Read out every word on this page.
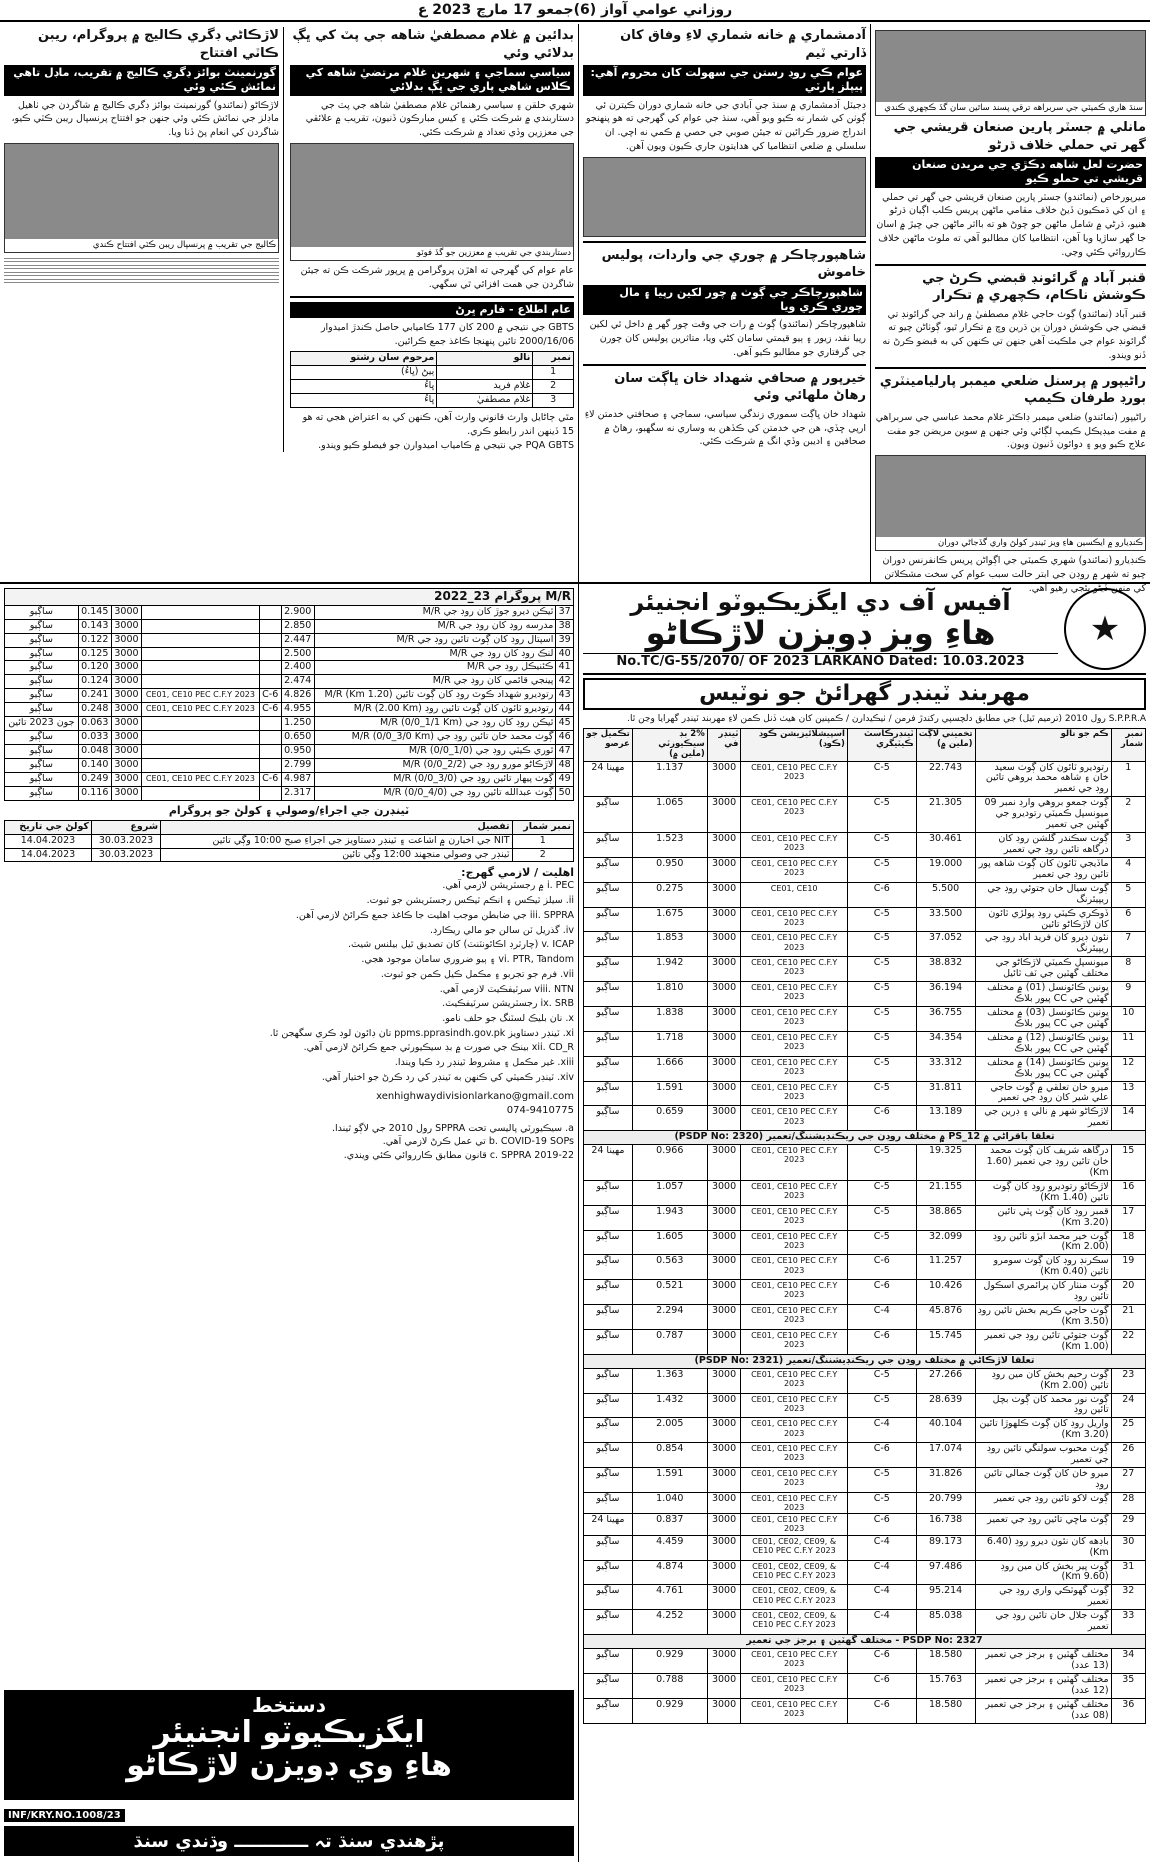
روزاني عوامي آواز (6)جمعو 17 مارچ 2023 ع
سنڌ هاري ڪميٽي جي سربراهه ترقي پسند ساٿين سان گڏ ڪچهري ڪندي
مانلي ۾ جسٽر پارين صنعان قريشي جي گهر تي حملي خلاف ڌرڻو
حضرت لعل شاهه دڪڙي جي مريدن صنعان قريشي تي حملو ڪيو
ميرپورخاص (نمائندو) جسٽر پارين صنعان قريشي جي گهر تي حملي ۽ ان کي ڌمڪيون ڏيڻ خلاف مقامي ماڻهن پريس ڪلب اڳيان ڌرڻو هنيو، ڌرڻي ۾ شامل ماڻهن جو چوڻ هو ته بااثر ماڻهن جي ڇيڙ ۾ اسان جا گهر ساڙيا ويا آهن، انتظاميا کان مطالبو آهي ته ملوث ماڻهن خلاف ڪارروائي ڪئي وڃي.
قنبر آباد ۾ گرائونڊ قبضي ڪرڻ جي ڪوشش ناڪام، ڪچهري ۾ تڪرار
قنبر آباد (نمائندو) ڳوٺ حاجي غلام مصطفيٰ ۾ راند جي گرائونڊ تي قبضي جي ڪوشش دوران ٻن ڌرين وچ ۾ تڪرار ٿيو، ڳوٺاڻن چيو ته گرائونڊ عوام جي ملڪيت آهي جنهن تي ڪنهن کي به قبضو ڪرڻ نه ڏنو ويندو.
راڻيپور ۾ پرسنل ضلعي ميمبر پارليامينٽري بورڊ طرفان ڪيمپ
راڻيپور (نمائندو) ضلعي ميمبر ڊاڪٽر غلام محمد عباسي جي سربراهي ۾ مفت ميڊيڪل ڪيمپ لڳائي وئي جنهن ۾ سوين مريضن جو مفت علاج ڪيو ويو ۽ دوائون ڏنيون ويون.
ڪنڊيارو ۾ ايڪسين هاءِ ويز ٽينڊر کولڻ واري گڏجاڻي دوران
ڪنڊيارو (نمائندو) شهري ڪميٽي جي اڳواڻن پريس ڪانفرنس دوران چيو ته شهر ۾ روڊن جي ابتر حالت سبب عوام کي سخت مشڪلاتن کي منهن ڏيڻو پئجي رهيو آهي.
آدمشماري ۾ خانه شماري لاءِ وفاق کان ڏارتي ٽيم
عوام ڪي روڊ رستن جي سهولت کان محروم آهي: پيپلز پارٽي
ڊجيٽل آدمشماري ۾ سنڌ جي آبادي جي خانه شماري دوران ڪيترن ئي ڳوٺن کي شمار نه ڪيو ويو آهي، سنڌ جي عوام کي گهرجي ته هو پنهنجو اندراج ضرور ڪرائين ته جيئن صوبي جي حصي ۾ ڪمي نه اچي. ان سلسلي ۾ ضلعي انتظاميا کي هدايتون جاري ڪيون ويون آهن.
شاهپورچاڪر ۾ چوري جي واردات، پوليس خاموش
شاهپورچاڪر جي ڳوٺ ۾ چور لکين رپيا ۽ مال چوري ڪري ويا
شاهپورچاڪر (نمائندو) ڳوٺ ۾ رات جي وقت چور گهر ۾ داخل ٿي لکين رپيا نقد، زيور ۽ ٻيو قيمتي سامان کڻي ويا، متاثرين پوليس کان چورن جي گرفتاري جو مطالبو ڪيو آهي.
خيرپور ۾ صحافي شهداد خان ڀاڳت سان رهاڻ ملهائي وئي
شهداد خان ڀاڳت سموري زندگي سياسي، سماجي ۽ صحافتي خدمتن لاءِ ارپي ڇڏي، هن جي خدمتن کي ڪڏهن به وساري نه سگهبو، رهاڻ ۾ صحافين ۽ اديبن وڏي انگ ۾ شرڪت ڪئي.
بدائين ۾ غلام مصطفيٰ شاهه جي پٽ کي ڀڳ بدلائي وئي
سياسي سماجي ۽ شهرين غلام مرتضيٰ شاهه کي ڪلاس شاهي پاري جي ڀڳ بدلائي
شهري حلقن ۽ سياسي رهنمائن غلام مصطفيٰ شاهه جي پٽ جي دستاربندي ۾ شرڪت ڪئي ۽ کيس مبارڪون ڏنيون، تقريب ۾ علائقي جي معززين وڏي تعداد ۾ شرڪت ڪئي.
دستاربندي جي تقريب ۾ معززين جو گڏ فوٽو
عام عوام کي گهرجي ته اهڙن پروگرامن ۾ ڀرپور شرڪت ڪن ته جيئن شاگردن جي همت افزائي ٿي سگهي.
عام اطلاع - فارم ڀرڻ
GBTS جي نتيجي ۾ 200 کان 177 ڪاميابي حاصل ڪندڙ اميدوار 2000/16/06 تائين پنهنجا ڪاغذ جمع ڪرائين.
نمبر	نالو	مرحوم سان رشتو
1		ٻيڻ (ڀاءُ)
2	غلام فريد	ڀاءُ
3	غلام مصطفيٰ	ڀاءُ
مٿي ڄاڻايل وارث قانوني وارث آهن، ڪنهن کي به اعتراض هجي ته هو 15 ڏينهن اندر رابطو ڪري.
PQA GBTS جي نتيجي ۾ ڪامياب اميدوارن جو فيصلو ڪيو ويندو.
لاڙڪاڻي ڊگري ڪاليج ۾ پروگرام، ريبن ڪاٽي افتتاح
گورنمينٽ بوائز ڊگري ڪاليج ۾ تقريب، ماڊل تاهي نمائش ڪئي وئي
لاڙڪاڻو (نمائندو) گورنمينٽ بوائز ڊگري ڪاليج ۾ شاگردن جي ٺاهيل ماڊلز جي نمائش ڪئي وئي جنهن جو افتتاح پرنسپال ريبن ڪٽي ڪيو، شاگردن کي انعام پڻ ڏنا ويا.
ڪاليج جي تقريب ۾ پرنسپال ريبن ڪٽي افتتاح ڪندي
★
آفيس آف دي ايگزيڪيوٽو انجنيئر
هاءِ ويز ڊويزن لاڙڪاڻو
No.TC/G-55/2070/ OF 2023 LARKANO Dated: 10.03.2023
مهربند ٽينڊر گهرائڻ جو نوٽيس
S.P.P.R.A رول 2010 (ترميم ٿيل) جي مطابق دلچسپي رکندڙ فرمن / ٺيڪيدارن / ڪمپنين کان هيٺ ڏنل ڪمن لاءِ مهربند ٽينڊر گهرايا وڃن ٿا.
نمبر شمار	ڪم جو نالو	تخميني لاڳت (ملين ۾)	ٽينڊرڪاسٽ ڪيٽيگري	اسپيشلائيزيشن ڪوڊ (ڪوڊ)	ٽينڊر في	2% بڊ سيڪيورٽي (ملين ۾)	تڪميل جو عرصو
1	رتوديرو ٽائون کان ڳوٺ سعيد خان ۽ شاهه محمد بروهي تائين روڊ جي تعمير	22.743	C-5	CE01, CE10 PEC C.F.Y 2023	3000	1.137	24 مهينا
2	ڳوٺ جمعو بروهي وارڊ نمبر 09 ميونسپل ڪميٽي رتوديرو جي گهٽين جي تعمير	21.305	C-5	CE01, CE10 PEC C.F.Y 2023	3000	1.065	ساڳيو
3	ڳوٺ سڪندر گلشن روڊ کان درگاهه تائين روڊ جي تعمير	30.461	C-5	CE01, CE10 PEC C.F.Y 2023	3000	1.523	ساڳيو
4	ماڏيجي ٽائون کان ڳوٺ شاهه پور تائين روڊ جي تعمير	19.000	C-5	CE01, CE10 PEC C.F.Y 2023	3000	0.950	ساڳيو
5	ڳوٺ سيال خان جتوئي روڊ جي ريپيئرنگ	5.500	C-6	CE01, CE10	3000	0.275	ساڳيو
6	ڏوڪري ڪيٽي روڊ پولڙي ٽائون کان لاڙڪاڻو تائين	33.500	C-5	CE01, CE10 PEC C.F.Y 2023	3000	1.675	ساڳيو
7	نئون ڊيرو کان فريد آباد روڊ جي ريپيئرنگ	37.052	C-5	CE01, CE10 PEC C.F.Y 2023	3000	1.853	ساڳيو
8	ميونسپل ڪميٽي لاڙڪاڻو جي مختلف گهٽين جي ٽف ٽائيل	38.832	C-5	CE01, CE10 PEC C.F.Y 2023	3000	1.942	ساڳيو
9	يونين ڪائونسل (01) ۾ مختلف گهٽين جي CC پيور بلاڪ	36.194	C-5	CE01, CE10 PEC C.F.Y 2023	3000	1.810	ساڳيو
10	يونين ڪائونسل (03) ۾ مختلف گهٽين جي CC پيور بلاڪ	36.755	C-5	CE01, CE10 PEC C.F.Y 2023	3000	1.838	ساڳيو
11	يونين ڪائونسل (12) ۾ مختلف گهٽين جي CC پيور بلاڪ	34.354	C-5	CE01, CE10 PEC C.F.Y 2023	3000	1.718	ساڳيو
12	يونين ڪائونسل (14) ۾ مختلف گهٽين جي CC پيور بلاڪ	33.312	C-5	CE01, CE10 PEC C.F.Y 2023	3000	1.666	ساڳيو
13	ميرو خان تعلقي ۾ ڳوٺ حاجي علي شير کان روڊ جي تعمير	31.811	C-5	CE01, CE10 PEC C.F.Y 2023	3000	1.591	ساڳيو
14	لاڙڪاڻو شهر ۾ نالي ۽ ڊرين جي تعمير	13.189	C-6	CE01, CE10 PEC C.F.Y 2023	3000	0.659	ساڳيو
تعلقا باقراڻي ۾ PS_12 ۾ مختلف روڊن جي ريڪنڊيشننگ/تعمير (PSDP No: 2320)							
15	درگاهه شريف کان ڳوٺ محمد خان تائين روڊ جي تعمير (1.60 Km)	19.325	C-5	CE01, CE10 PEC C.F.Y 2023	3000	0.966	24 مهينا
16	لاڙڪاڻو رتوديرو روڊ کان ڳوٺ تائين (1.40 Km)	21.155	C-5	CE01, CE10 PEC C.F.Y 2023	3000	1.057	ساڳيو
17	قمبر روڊ کان ڳوٺ ڀٽي تائين (3.20 Km)	38.865	C-5	CE01, CE10 PEC C.F.Y 2023	3000	1.943	ساڳيو
18	ڳوٺ خير محمد ابڙو تائين روڊ (2.00 Km)	32.099	C-5	CE01, CE10 PEC C.F.Y 2023	3000	1.605	ساڳيو
19	سڪرنڊ روڊ کان ڳوٺ سومرو تائين (0.40 Km)	11.257	C-6	CE01, CE10 PEC C.F.Y 2023	3000	0.563	ساڳيو
20	ڳوٺ منٺار کان پرائمري اسڪول تائين روڊ	10.426	C-6	CE01, CE10 PEC C.F.Y 2023	3000	0.521	ساڳيو
21	ڳوٺ حاجي ڪريم بخش تائين روڊ (3.50 Km)	45.876	C-4	CE01, CE10 PEC C.F.Y 2023	3000	2.294	ساڳيو
22	ڳوٺ جتوئي تائين روڊ جي تعمير (1.00 Km)	15.745	C-6	CE01, CE10 PEC C.F.Y 2023	3000	0.787	ساڳيو
تعلقا لاڙڪاڻي ۾ مختلف روڊن جي ريڪنڊيشننگ/تعمير (PSDP No: 2321)							
23	ڳوٺ رحيم بخش کان مين روڊ تائين (2.00 Km)	27.266	C-5	CE01, CE10 PEC C.F.Y 2023	3000	1.363	ساڳيو
24	ڳوٺ نور محمد کان ڳوٺ بچل تائين روڊ	28.639	C-5	CE01, CE10 PEC C.F.Y 2023	3000	1.432	ساڳيو
25	واريل روڊ کان ڳوٺ ڪلهوڙا تائين (3.20 Km)	40.104	C-4	CE01, CE10 PEC C.F.Y 2023	3000	2.005	ساڳيو
26	ڳوٺ محبوب سولنگي تائين روڊ جي تعمير	17.074	C-6	CE01, CE10 PEC C.F.Y 2023	3000	0.854	ساڳيو
27	ميرو خان کان ڳوٺ جمالي تائين روڊ	31.826	C-5	CE01, CE10 PEC C.F.Y 2023	3000	1.591	ساڳيو
28	ڳوٺ لاکو تائين روڊ جي تعمير	20.799	C-5	CE01, CE10 PEC C.F.Y 2023	3000	1.040	ساڳيو
29	ڳوٺ ماڇي تائين روڊ جي تعمير	16.738	C-6	CE01, CE10 PEC C.F.Y 2023	3000	0.837	24 مهينا
30	باڊهه کان نئون ديرو روڊ (6.40 Km)	89.173	C-4	CE01, CE02, CE09, & CE10 PEC C.F.Y 2023	3000	4.459	ساڳيو
31	ڳوٺ پير بخش کان مين روڊ (9.60 Km)	97.486	C-4	CE01, CE02, CE09, & CE10 PEC C.F.Y 2023	3000	4.874	ساڳيو
32	ڳوٺ گهوٽڪي واري روڊ جي تعمير	95.214	C-4	CE01, CE02, CE09, & CE10 PEC C.F.Y 2023	3000	4.761	ساڳيو
33	ڳوٺ جلال خان تائين روڊ جي تعمير	85.038	C-4	CE01, CE02, CE09, & CE10 PEC C.F.Y 2023	3000	4.252	ساڳيو
PSDP No: 2327 - مختلف گهٽين ۽ برجز جي تعمير							
34	مختلف گهٽين ۽ برجز جي تعمير (13 عدد)	18.580	C-6	CE01, CE10 PEC C.F.Y 2023	3000	0.929	ساڳيو
35	مختلف گهٽين ۽ برجز جي تعمير (12 عدد)	15.763	C-6	CE01, CE10 PEC C.F.Y 2023	3000	0.788	ساڳيو
36	مختلف گهٽين ۽ برجز جي تعمير (08 عدد)	18.580	C-6	CE01, CE10 PEC C.F.Y 2023	3000	0.929	ساڳيو
M/R پروگرام 23_2022							
37	ٿيڪن ديرو جوڙ کان روڊ جي M/R	2.900			3000	0.145	ساڳيو
38	مدرسه روڊ کان روڊ جي M/R	2.850			3000	0.143	ساڳيو
39	اسپتال روڊ کان ڳوٺ تائين روڊ جي M/R	2.447			3000	0.122	ساڳيو
40	لنڪ روڊ کان روڊ جي M/R	2.500			3000	0.125	ساڳيو
41	ڪئنيڪل روڊ جي M/R	2.400			3000	0.120	ساڳيو
42	پينجي قائمي کان روڊ جي M/R	2.474			3000	0.124	ساڳيو
43	رتوديرو شهداد ڪوٽ روڊ کان ڳوٺ تائين (1.20 Km) M/R	4.826	C-6	CE01, CE10 PEC C.F.Y 2023	3000	0.241	ساڳيو
44	رتوديرو ٽائون کان ڳوٺ تائين روڊ M/R (2.00 Km)	4.955	C-6	CE01, CE10 PEC C.F.Y 2023	3000	0.248	ساڳيو
45	ٿيڪن روڊ کان روڊ جي M/R (0/0_1/1 Km)	1.250			3000	0.063	جون 2023 تائين
46	ڳوٺ محمد خان تائين روڊ جي M/R (0/0_3/0 Km)	0.650			3000	0.033	ساڳيو
47	ٿوري ڪيٽي روڊ جي M/R (0/0_1/0)	0.950			3000	0.048	ساڳيو
48	لاڙڪاڻو مورو روڊ جي M/R (0/0_2/2)	2.799			3000	0.140	ساڳيو
49	ڳوٺ پيهار تائين روڊ جي M/R (0/0_3/0)	4.987	C-6	CE01, CE10 PEC C.F.Y 2023	3000	0.249	ساڳيو
50	ڳوٺ عبدالله تائين روڊ جي M/R (0/0_4/0)	2.317			3000	0.116	ساڳيو
ٽينڊرن جي اجراءِ/وصولي ۽ کولڻ جو پروگرام
نمبر شمار	تفصيل	شروع	کولڻ جي تاريخ
1	NIT جي اخبارن ۾ اشاعت ۽ ٽينڊر دستاويز جي اجراءِ صبح 10:00 وڳي تائين	30.03.2023	14.04.2023
2	ٽينڊر جي وصولي منجهند 12:00 وڳي تائين	30.03.2023	14.04.2023
اهليت / لازمي گهرج:
i. PEC ۾ رجسٽريشن لازمي آهي.
ii. سيلز ٽيڪس ۽ انڪم ٽيڪس رجسٽريشن جو ثبوت.
iii. SPPRA جي ضابطن موجب اهليت جا ڪاغذ جمع ڪرائڻ لازمي آهن.
iv. گذريل ٽن سالن جو مالي ريڪارڊ.
v. ICAP (چارٽرڊ اڪائونٽنٽ) کان تصديق ٿيل بيلنس شيٽ.
vi. PTR, Tandom ۽ ٻيو ضروري سامان موجود هجي.
vii. فرم جو تجربو ۽ مڪمل ڪيل ڪمن جو ثبوت.
viii. NTN سرٽيفڪيٽ لازمي آهي.
ix. SRB رجسٽريشن سرٽيفڪيٽ.
x. نان بليڪ لسٽنگ جو حلف نامو.
xi. ٽينڊر دستاويز ppms.pprasindh.gov.pk تان ڊائون لوڊ ڪري سگهجن ٿا.
xii. CD_R بينڪ جي صورت ۾ بڊ سيڪيورٽي جمع ڪرائڻ لازمي آهي.
xiii. غير مڪمل ۽ مشروط ٽينڊر رد ڪيا ويندا.
xiv. ٽينڊر ڪميٽي کي ڪنهن به ٽينڊر کي رد ڪرڻ جو اختيار آهي.
xenhighwaydivisionlarkano@gmail.com
074-9410775
a. سيڪيورٽي پاليسي تحت SPPRA رول 2010 جي لاڳو ٿيندا.
b. COVID-19 SOPs تي عمل ڪرڻ لازمي آهي.
c. SPPRA 2019-22 قانون مطابق ڪارروائي ڪئي ويندي.
دستخط
ايگزيڪيوٽو انجنيئر
هاءِ وي ڊويزن لاڙڪاڻو
INF/KRY.NO.1008/23
پڙهندي سنڌ تہ ــــــــــــ وڌندي سنڌ
